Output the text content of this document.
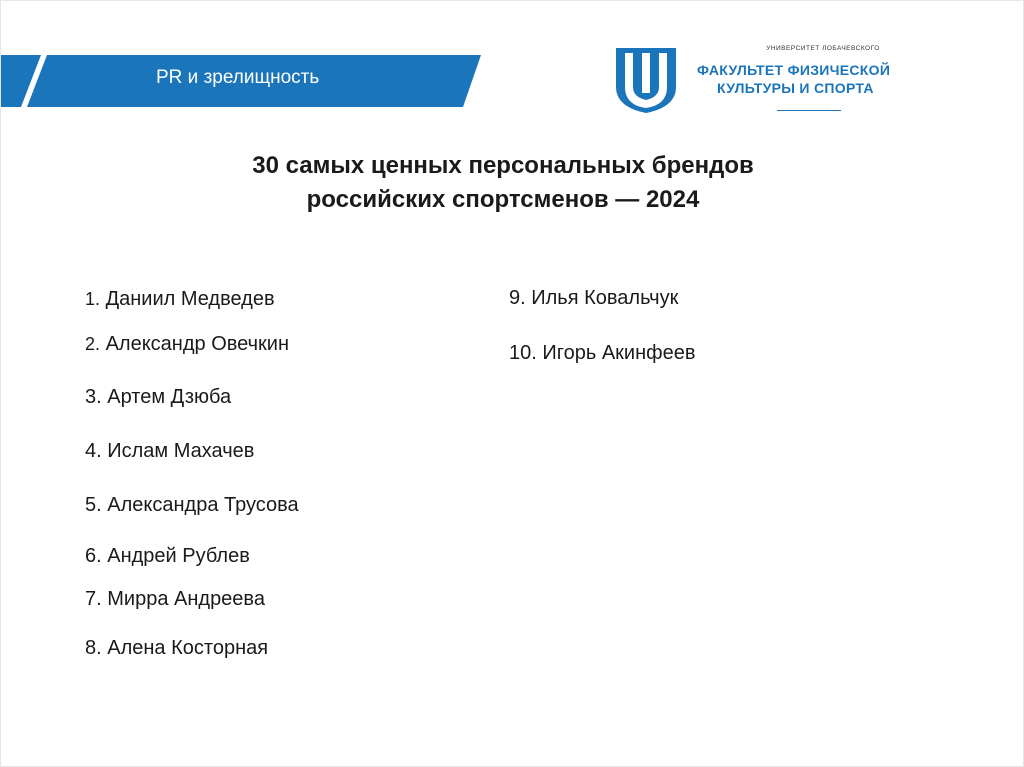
PR и зрелищность
УНИВЕРСИТЕТ ЛОБАЧЕВСКОГО
ФАКУЛЬТЕТ ФИЗИЧЕСКОЙ
КУЛЬТУРЫ И СПОРТА
30 самых ценных персональных брендов
российских спортсменов — 2024
1. Даниил Медведев
2. Александр Овечкин
3. Артем Дзюба
4. Ислам Махачев
5. Александра Трусова
6. Андрей Рублев
7. Мирра Андреева
8. Алена Косторная
9. Илья Ковальчук
10. Игорь Акинфеев
